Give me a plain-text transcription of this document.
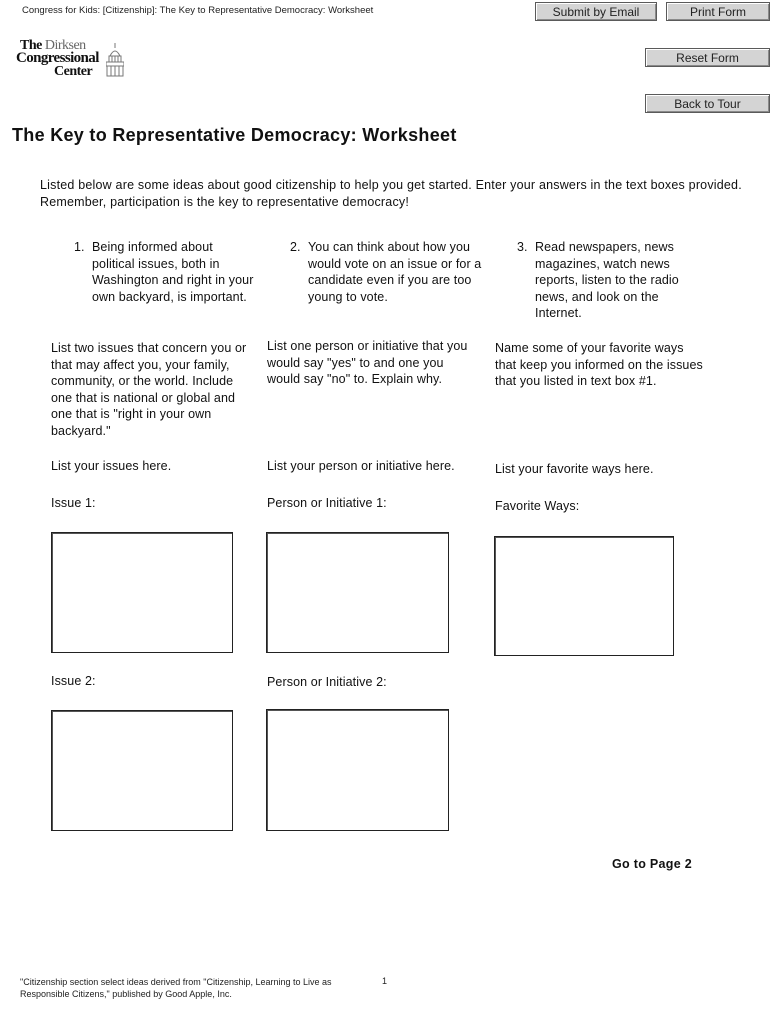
Congress for Kids: [Citizenship]: The Key to Representative Democracy: Worksheet	Submit by Email	Print Form
Reset Form
Back to Tour
The Dirksen
Congressional
Center
The Key to Representative Democracy: Worksheet
Listed below are some ideas about good citizenship to help you get started. Enter your answers in the text boxes provided. Remember, participation is the key to representative democracy!
1. Being informed about political issues, both in Washington and right in your own backyard, is important.
2. You can think about how you would vote on an issue or for a candidate even if you are too young to vote.
3. Read newspapers, news magazines, watch news reports, listen to the radio news, and look on the Internet.
List two issues that concern you or that may affect you, your family, community, or the world. Include one that is national or global and one that is "right in your own backyard."
List one person or initiative that you would say "yes" to and one you would say "no" to. Explain why.
Name some of your favorite ways that keep you informed on the issues that you listed in text box #1.
List your issues here.	List your person or initiative here.	List your favorite ways here.
Issue 1:	Person or Initiative 1:	Favorite Ways:
Issue 2:	Person or Initiative 2:
Go to Page 2
"Citizenship section select ideas derived from "Citizenship, Learning to Live as Responsible Citizens," published by Good Apple, Inc.
1
